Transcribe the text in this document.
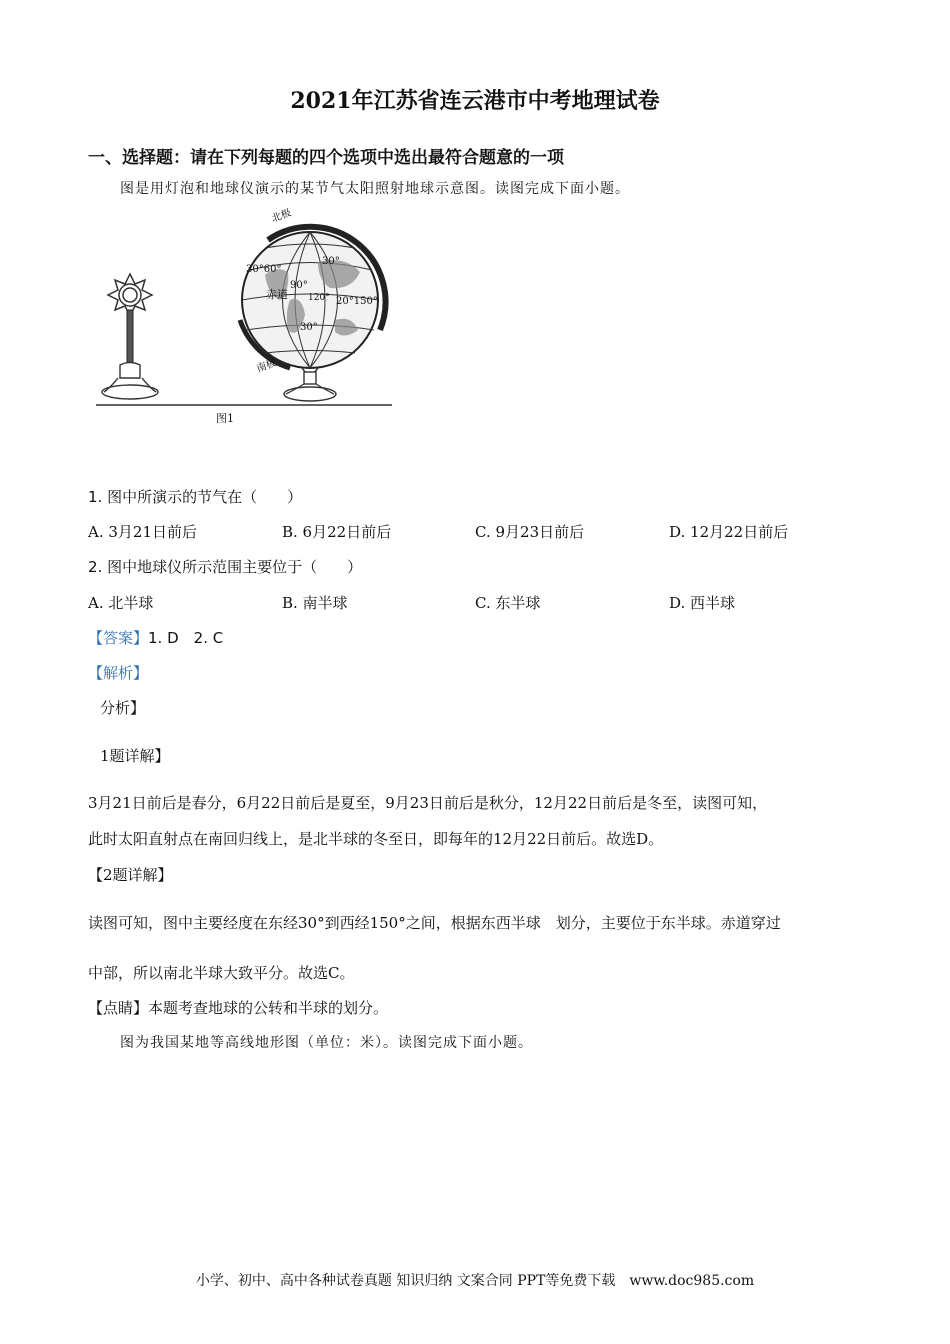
2021年江苏省连云港市中考地理试卷
一、选择题：请在下列每题的四个选项中选出最符合题意的一项
图是用灯泡和地球仪演示的某节气太阳照射地球示意图。读图完成下面小题。
北极
南极
赤道
30°
30°
30°60°
90°
120° 20°150°
图1
1. 图中所演示的节气在（　　）
A. 3月21日前后	B. 6月22日前后	C. 9月23日前后	D. 12月22日前后
2. 图中地球仪所示范围主要位于（　　）
A. 北半球	B. 南半球	C. 东半球	D. 西半球
【答案】1. D　2. C
【解析】
分析】
1题详解】
3月21日前后是春分，6月22日前后是夏至，9月23日前后是秋分，12月22日前后是冬至，读图可知，
此时太阳直射点在南回归线上，是北半球的冬至日，即每年的12月22日前后。故选D。
【2题详解】
读图可知，图中主要经度在东经30°到西经150°之间，根据东西半球　划分，主要位于东半球。赤道穿过
中部，所以南北半球大致平分。故选C。
【点睛】本题考查地球的公转和半球的划分。
图为我国某地等高线地形图（单位：米）。读图完成下面小题。
小学、初中、高中各种试卷真题 知识归纳 文案合同 PPT等免费下载　www.doc985.com
